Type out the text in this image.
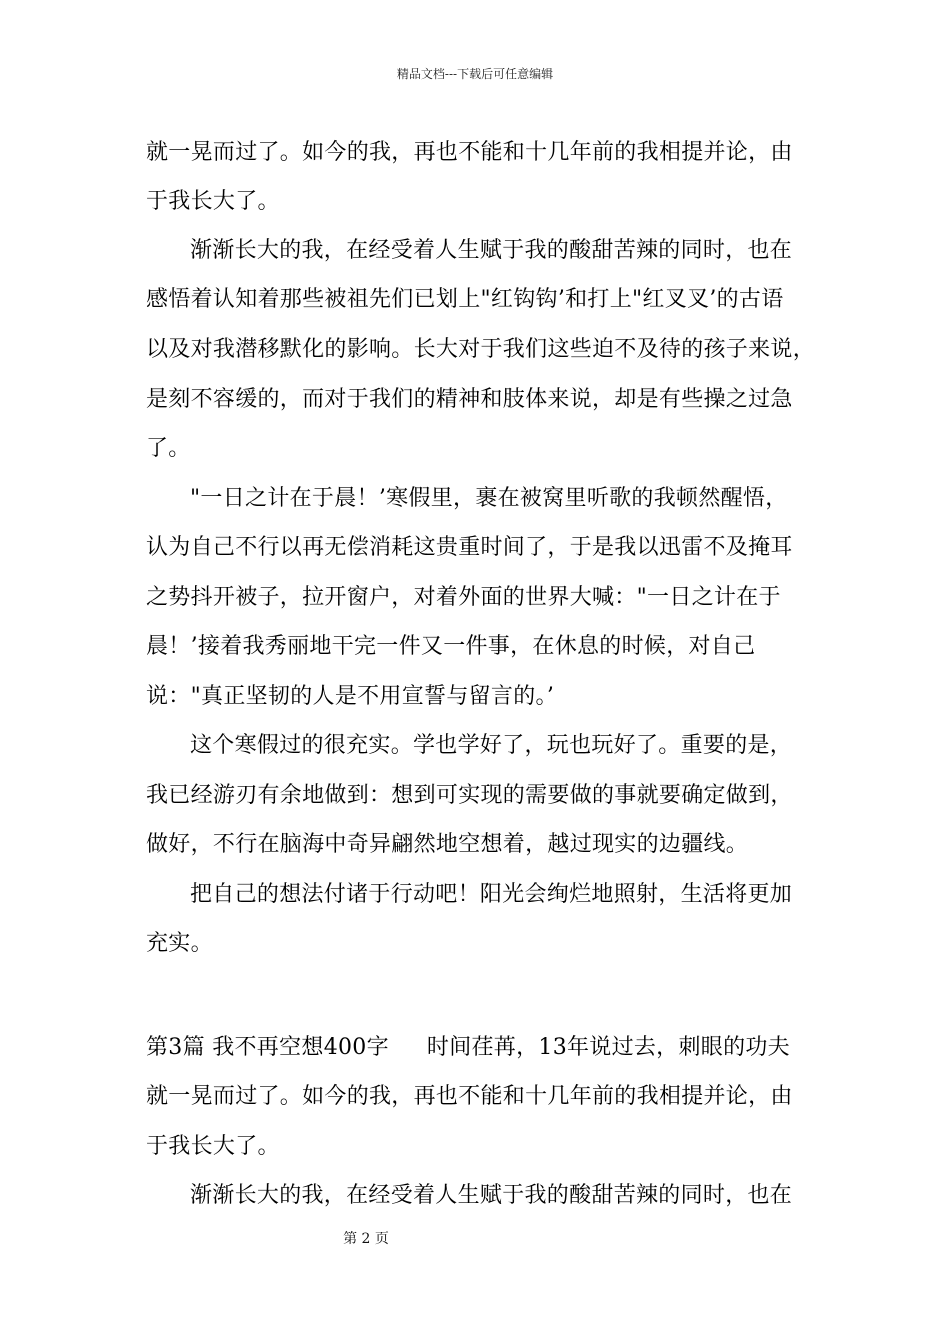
精品文档---下载后可任意编辑
就一晃而过了。如今的我，再也不能和十几年前的我相提并论，由
于我长大了。
渐渐长大的我，在经受着人生赋于我的酸甜苦辣的同时，也在
感悟着认知着那些被祖先们已划上"红钩钩’和打上"红叉叉’的古语
以及对我潜移默化的影响。长大对于我们这些迫不及待的孩子来说，
是刻不容缓的，而对于我们的精神和肢体来说，却是有些操之过急
了。
"一日之计在于晨！’寒假里，裹在被窝里听歌的我顿然醒悟，
认为自己不行以再无偿消耗这贵重时间了，于是我以迅雷不及掩耳
之势抖开被子，拉开窗户，对着外面的世界大喊："一日之计在于
晨！’接着我秀丽地干完一件又一件事，在休息的时候，对自己
说："真正坚韧的人是不用宣誓与留言的。’
这个寒假过的很充实。学也学好了，玩也玩好了。重要的是，
我已经游刃有余地做到：想到可实现的需要做的事就要确定做到，
做好，不行在脑海中奇异翩然地空想着，越过现实的边疆线。
把自己的想法付诸于行动吧！阳光会绚烂地照射，生活将更加
充实。
第3篇 我不再空想400字 时间荏苒，13年说过去，刺眼的功夫
就一晃而过了。如今的我，再也不能和十几年前的我相提并论，由
于我长大了。
渐渐长大的我，在经受着人生赋于我的酸甜苦辣的同时，也在
第 2 页
